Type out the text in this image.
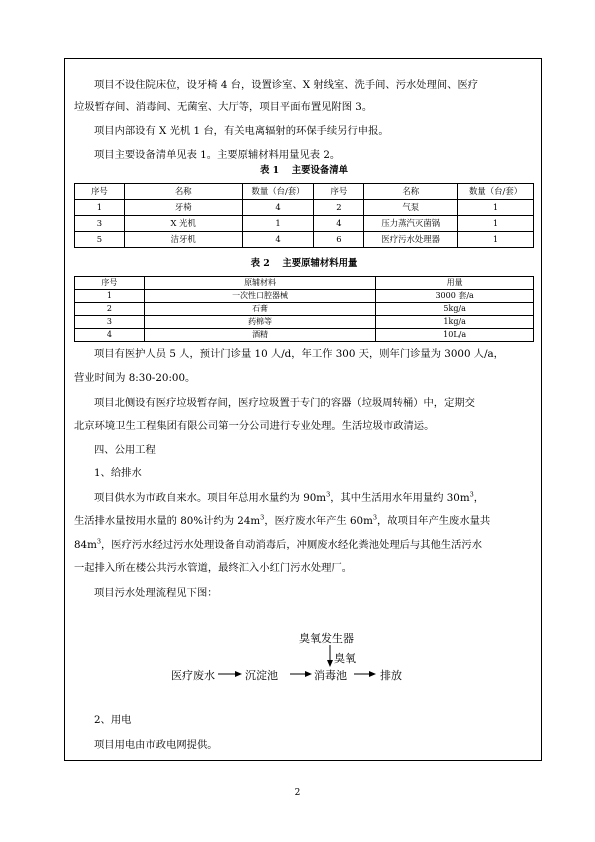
项目不设住院床位，设牙椅 4 台，设置诊室、X 射线室、洗手间、污水处理间、医疗
垃圾暂存间、消毒间、无菌室、大厅等，项目平面布置见附图 3。
项目内部设有 X 光机 1 台，有关电离辐射的环保手续另行申报。
项目主要设备清单见表 1。主要原辅材料用量见表 2。
表 1　 主要设备清单
序号	名称	数量（台/套）	序号	名称	数量（台/套）
1	牙椅	4	2	气泵	1
3	X 光机	1	4	压力蒸汽灭菌锅	1
5	洁牙机	4	6	医疗污水处理器	1
表 2　 主要原辅材料用量
序号	原辅材料	用量
1	一次性口腔器械	3000 套/a
2	石膏	5kg/a
3	药棉等	1kg/a
4	酒精	10L/a
项目有医护人员 5 人，预计门诊量 10 人/d，年工作 300 天，则年门诊量为 3000 人/a，
营业时间为 8:30-20:00。
项目北侧设有医疗垃圾暂存间，医疗垃圾置于专门的容器（垃圾周转桶）中，定期交
北京环境卫生工程集团有限公司第一分公司进行专业处理。生活垃圾市政清运。
四、公用工程
1、给排水
项目供水为市政自来水。项目年总用水量约为 $90m^3$，其中生活用水年用量约 $30m^3$，
生活排水量按用水量的 80%计约为 $24m^3$，医疗废水年产生 $60m^3$，故项目年产生废水量共
$84m^3$，医疗污水经过污水处理设备自动消毒后，冲厕废水经化粪池处理后与其他生活污水
一起排入所在楼公共污水管道，最终汇入小红门污水处理厂。
项目污水处理流程见下图：
臭氧发生器
臭氧
医疗废水	沉淀池	消毒池	排放
2、用电
项目用电由市政电网提供。
2
